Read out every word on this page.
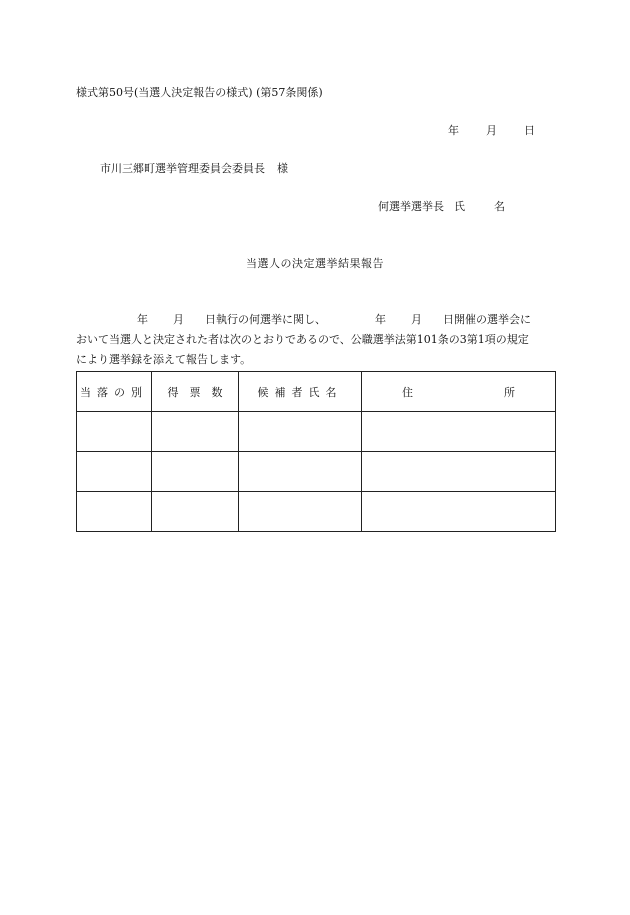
様式第50号(当選人決定報告の様式) (第57条関係)
年 月 日
市川三郷町選挙管理委員会委員長 様
何選挙選挙長 氏	名
当選人の決定選挙結果報告
年 月 日執行の何選挙に関し、	年 月 日開催の選挙会に
おいて当選人と決定された者は次のとおりであるので、公職選挙法第101条の3第1項の規定
により選挙録を添えて報告します。
当落の別	得　票　数	候補者氏名	住 所
